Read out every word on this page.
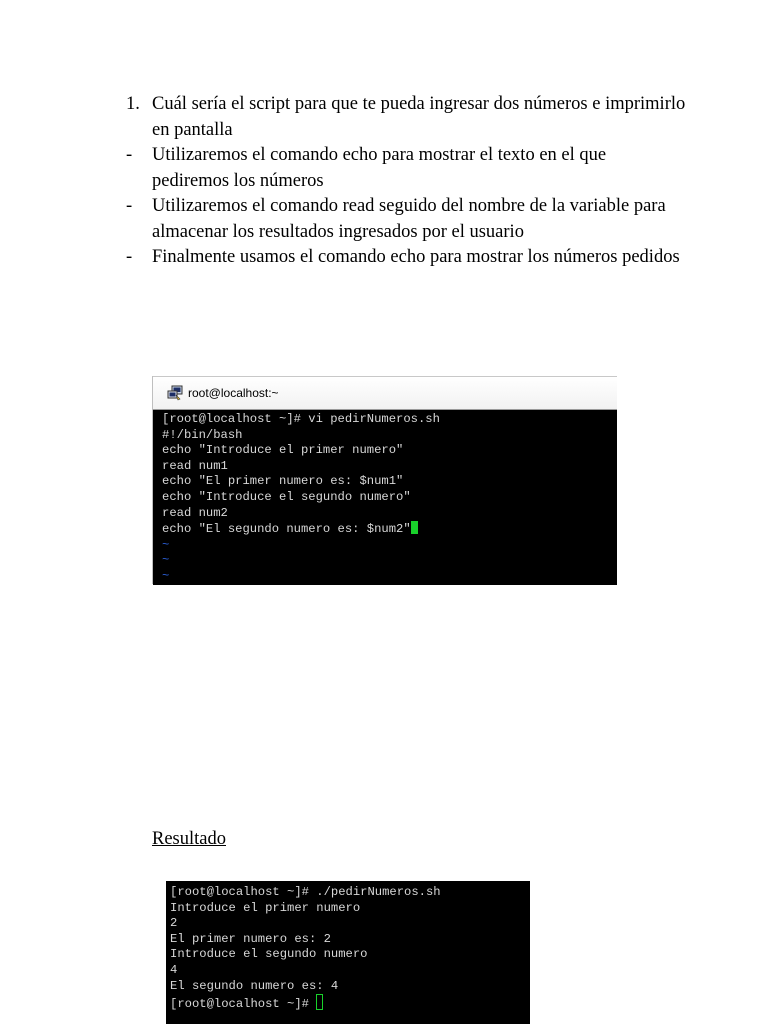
1. Cuál sería el script para que te pueda ingresar dos números e imprimirlo en pantalla
-	Utilizaremos el comando echo para mostrar el texto en el que pediremos los números
-	Utilizaremos el comando read seguido del nombre de la variable para almacenar los resultados ingresados por el usuario
-	Finalmente usamos el comando echo para mostrar los números pedidos
root@localhost:~
[root@localhost ~]# vi pedirNumeros.sh
#!/bin/bash
echo "Introduce el primer numero"
read num1
echo "El primer numero es: $num1"
echo "Introduce el segundo numero"
read num2
echo "El segundo numero es: $num2"
~
~
~
Resultado
[root@localhost ~]# ./pedirNumeros.sh
Introduce el primer numero
2
El primer numero es: 2
Introduce el segundo numero
4
El segundo numero es: 4
[root@localhost ~]#
